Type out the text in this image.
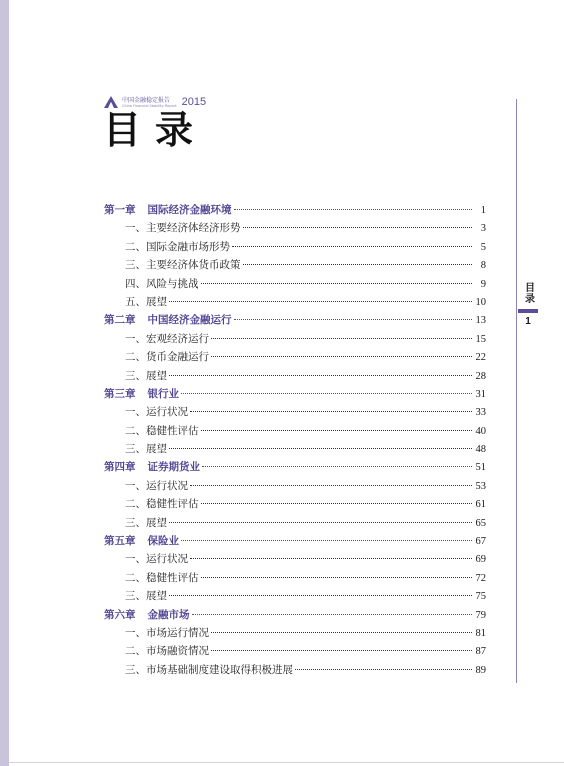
中国金融稳定报告
China Financial Stability Report 2015
目录
第一章 国际经济金融环境	1
一、主要经济体经济形势	3
二、国际金融市场形势	5
三、主要经济体货币政策	8
四、风险与挑战	9
五、展望	10
第二章 中国经济金融运行	13
一、宏观经济运行	15
二、货币金融运行	22
三、展望	28
第三章 银行业	31
一、运行状况	33
二、稳健性评估	40
三、展望	48
第四章 证券期货业	51
一、运行状况	53
二、稳健性评估	61
三、展望	65
第五章 保险业	67
一、运行状况	69
二、稳健性评估	72
三、展望	75
第六章 金融市场	79
一、市场运行情况	81
二、市场融资情况	87
三、市场基础制度建设取得积极进展	89
目
录
1
